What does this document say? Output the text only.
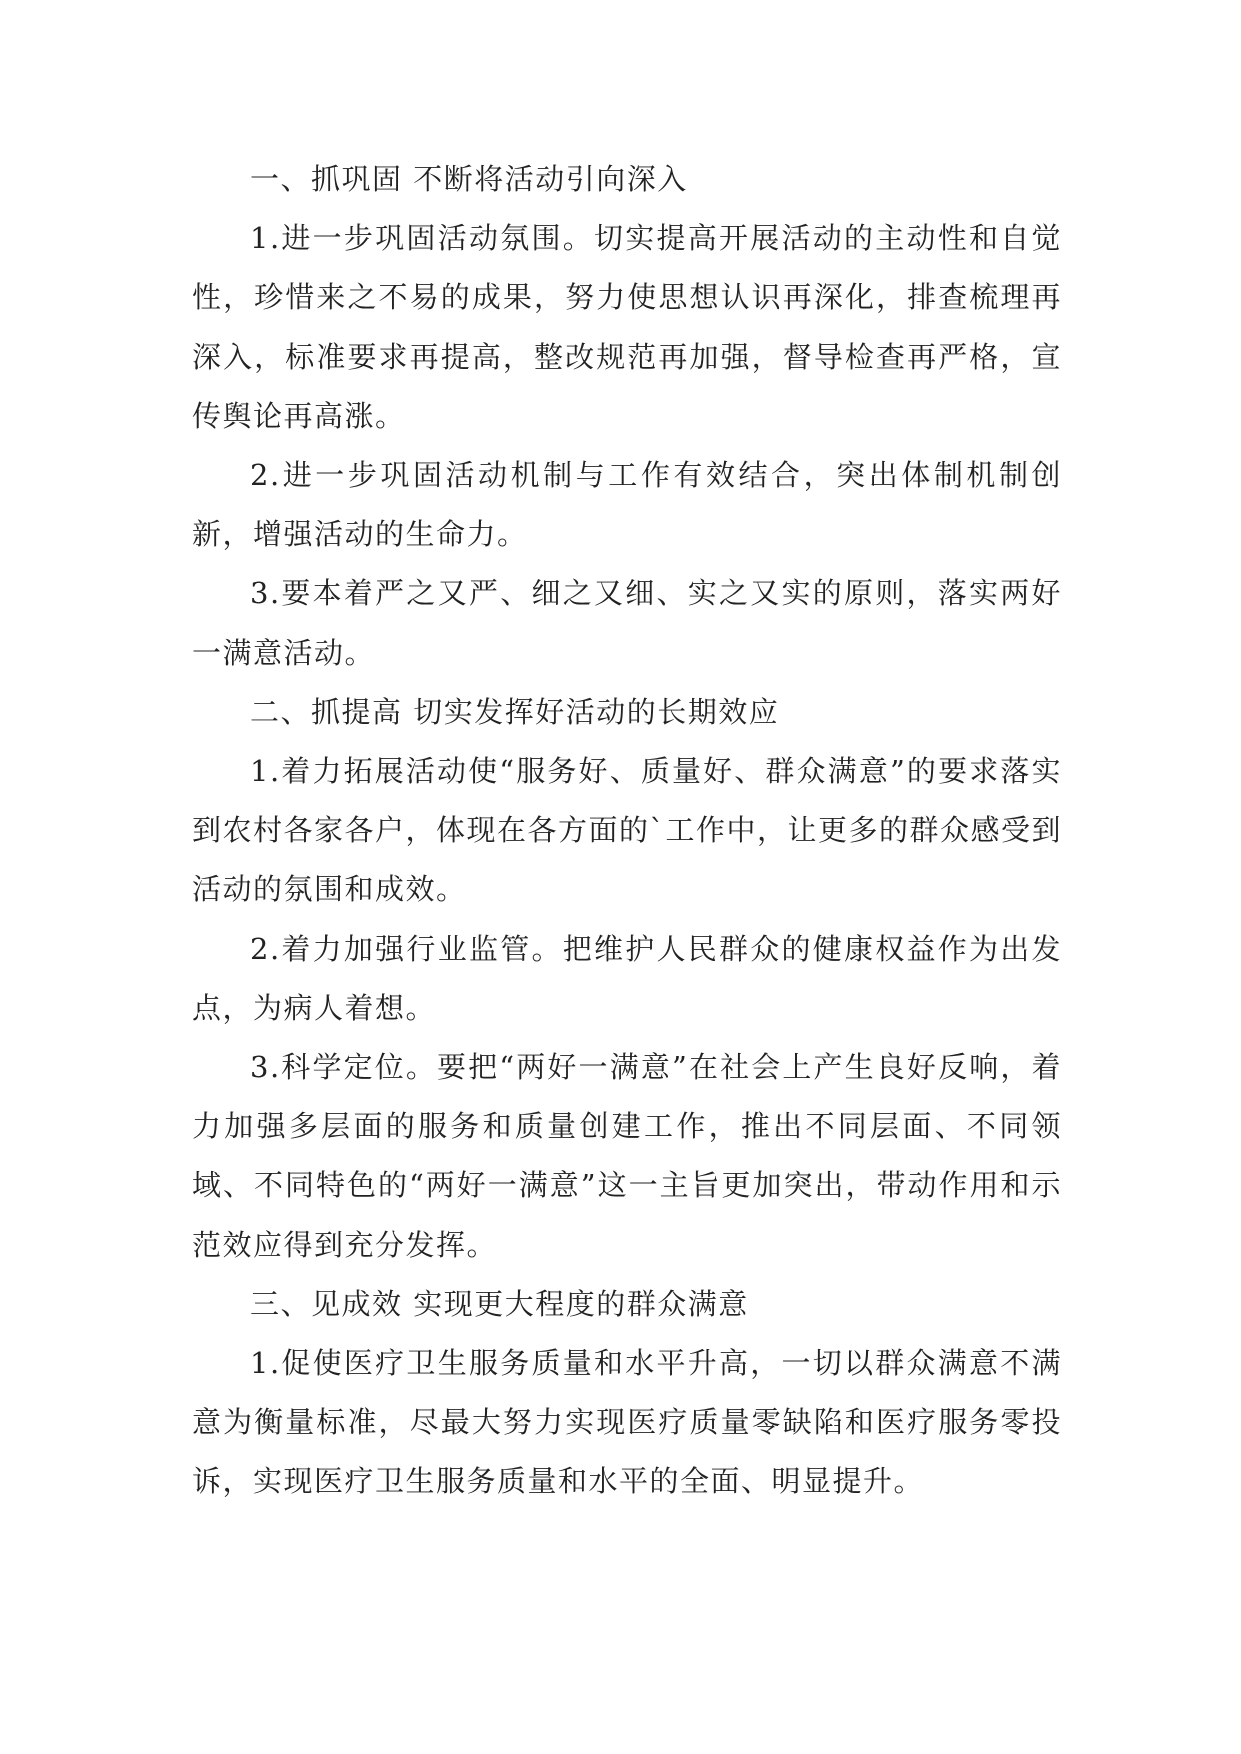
一、抓巩固 不断将活动引向深入

1.进一步巩固活动氛围。切实提高开展活动的主动性和自觉性，珍惜来之不易的成果，努力使思想认识再深化，排查梳理再深入，标准要求再提高，整改规范再加强，督导检查再严格，宣传舆论再高涨。

2.进一步巩固活动机制与工作有效结合，突出体制机制创新，增强活动的生命力。

3.要本着严之又严、细之又细、实之又实的原则，落实两好一满意活动。

二、抓提高 切实发挥好活动的长期效应

1.着力拓展活动使“服务好、质量好、群众满意”的要求落实到农村各家各户，体现在各方面的`工作中，让更多的群众感受到活动的氛围和成效。

2.着力加强行业监管。把维护人民群众的健康权益作为出发点，为病人着想。

3.科学定位。要把“两好一满意”在社会上产生良好反响，着力加强多层面的服务和质量创建工作，推出不同层面、不同领域、不同特色的“两好一满意”这一主旨更加突出，带动作用和示范效应得到充分发挥。

三、见成效 实现更大程度的群众满意

1.促使医疗卫生服务质量和水平升高，一切以群众满意不满意为衡量标准，尽最大努力实现医疗质量零缺陷和医疗服务零投诉，实现医疗卫生服务质量和水平的全面、明显提升。
